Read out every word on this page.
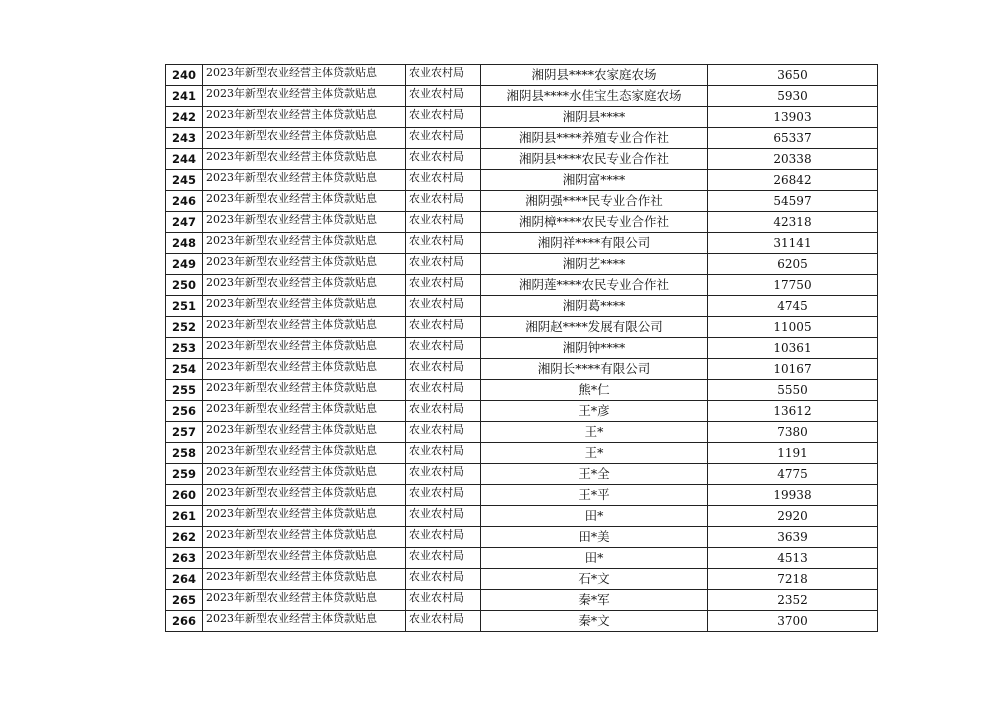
240	2023年新型农业经营主体贷款贴息	农业农村局	湘阴县****农家庭农场	3650
241	2023年新型农业经营主体贷款贴息	农业农村局	湘阴县****水佳宝生态家庭农场	5930
242	2023年新型农业经营主体贷款贴息	农业农村局	湘阴县****	13903
243	2023年新型农业经营主体贷款贴息	农业农村局	湘阴县****养殖专业合作社	65337
244	2023年新型农业经营主体贷款贴息	农业农村局	湘阴县****农民专业合作社	20338
245	2023年新型农业经营主体贷款贴息	农业农村局	湘阴富****	26842
246	2023年新型农业经营主体贷款贴息	农业农村局	湘阴强****民专业合作社	54597
247	2023年新型农业经营主体贷款贴息	农业农村局	湘阴樟****农民专业合作社	42318
248	2023年新型农业经营主体贷款贴息	农业农村局	湘阴祥****有限公司	31141
249	2023年新型农业经营主体贷款贴息	农业农村局	湘阴艺****	6205
250	2023年新型农业经营主体贷款贴息	农业农村局	湘阴莲****农民专业合作社	17750
251	2023年新型农业经营主体贷款贴息	农业农村局	湘阴葛****	4745
252	2023年新型农业经营主体贷款贴息	农业农村局	湘阴赵****发展有限公司	11005
253	2023年新型农业经营主体贷款贴息	农业农村局	湘阴钟****	10361
254	2023年新型农业经营主体贷款贴息	农业农村局	湘阴长****有限公司	10167
255	2023年新型农业经营主体贷款贴息	农业农村局	熊*仁	5550
256	2023年新型农业经营主体贷款贴息	农业农村局	王*彦	13612
257	2023年新型农业经营主体贷款贴息	农业农村局	王*	7380
258	2023年新型农业经营主体贷款贴息	农业农村局	王*	1191
259	2023年新型农业经营主体贷款贴息	农业农村局	王*全	4775
260	2023年新型农业经营主体贷款贴息	农业农村局	王*平	19938
261	2023年新型农业经营主体贷款贴息	农业农村局	田*	2920
262	2023年新型农业经营主体贷款贴息	农业农村局	田*美	3639
263	2023年新型农业经营主体贷款贴息	农业农村局	田*	4513
264	2023年新型农业经营主体贷款贴息	农业农村局	石*文	7218
265	2023年新型农业经营主体贷款贴息	农业农村局	秦*军	2352
266	2023年新型农业经营主体贷款贴息	农业农村局	秦*文	3700
